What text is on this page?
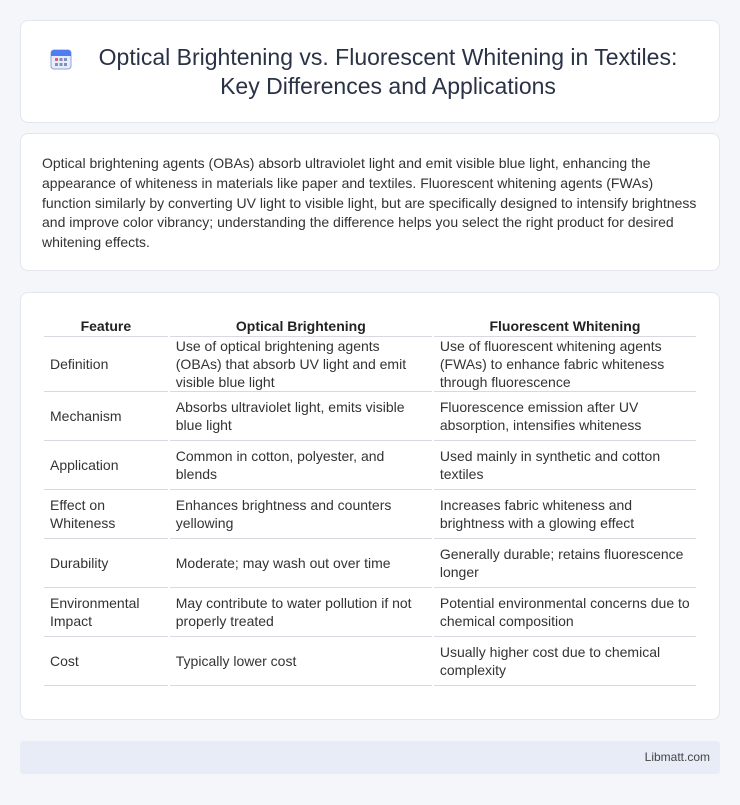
Optical Brightening vs. Fluorescent Whitening in Textiles: Key Differences and Applications

Optical brightening agents (OBAs) absorb ultraviolet light and emit visible blue light, enhancing the appearance of whiteness in materials like paper and textiles. Fluorescent whitening agents (FWAs) function similarly by converting UV light to visible light, but are specifically designed to intensify brightness and improve color vibrancy; understanding the difference helps you select the right product for desired whitening effects.

Feature	Optical Brightening	Fluorescent Whitening
Definition	Use of optical brightening agents (OBAs) that absorb UV light and emit visible blue light	Use of fluorescent whitening agents (FWAs) to enhance fabric whiteness through fluorescence
Mechanism	Absorbs ultraviolet light, emits visible blue light	Fluorescence emission after UV absorption, intensifies whiteness
Application	Common in cotton, polyester, and blends	Used mainly in synthetic and cotton textiles
Effect on Whiteness	Enhances brightness and counters yellowing	Increases fabric whiteness and brightness with a glowing effect
Durability	Moderate; may wash out over time	Generally durable; retains fluorescence longer
Environmental Impact	May contribute to water pollution if not properly treated	Potential environmental concerns due to chemical composition
Cost	Typically lower cost	Usually higher cost due to chemical complexity
Libmatt.com
